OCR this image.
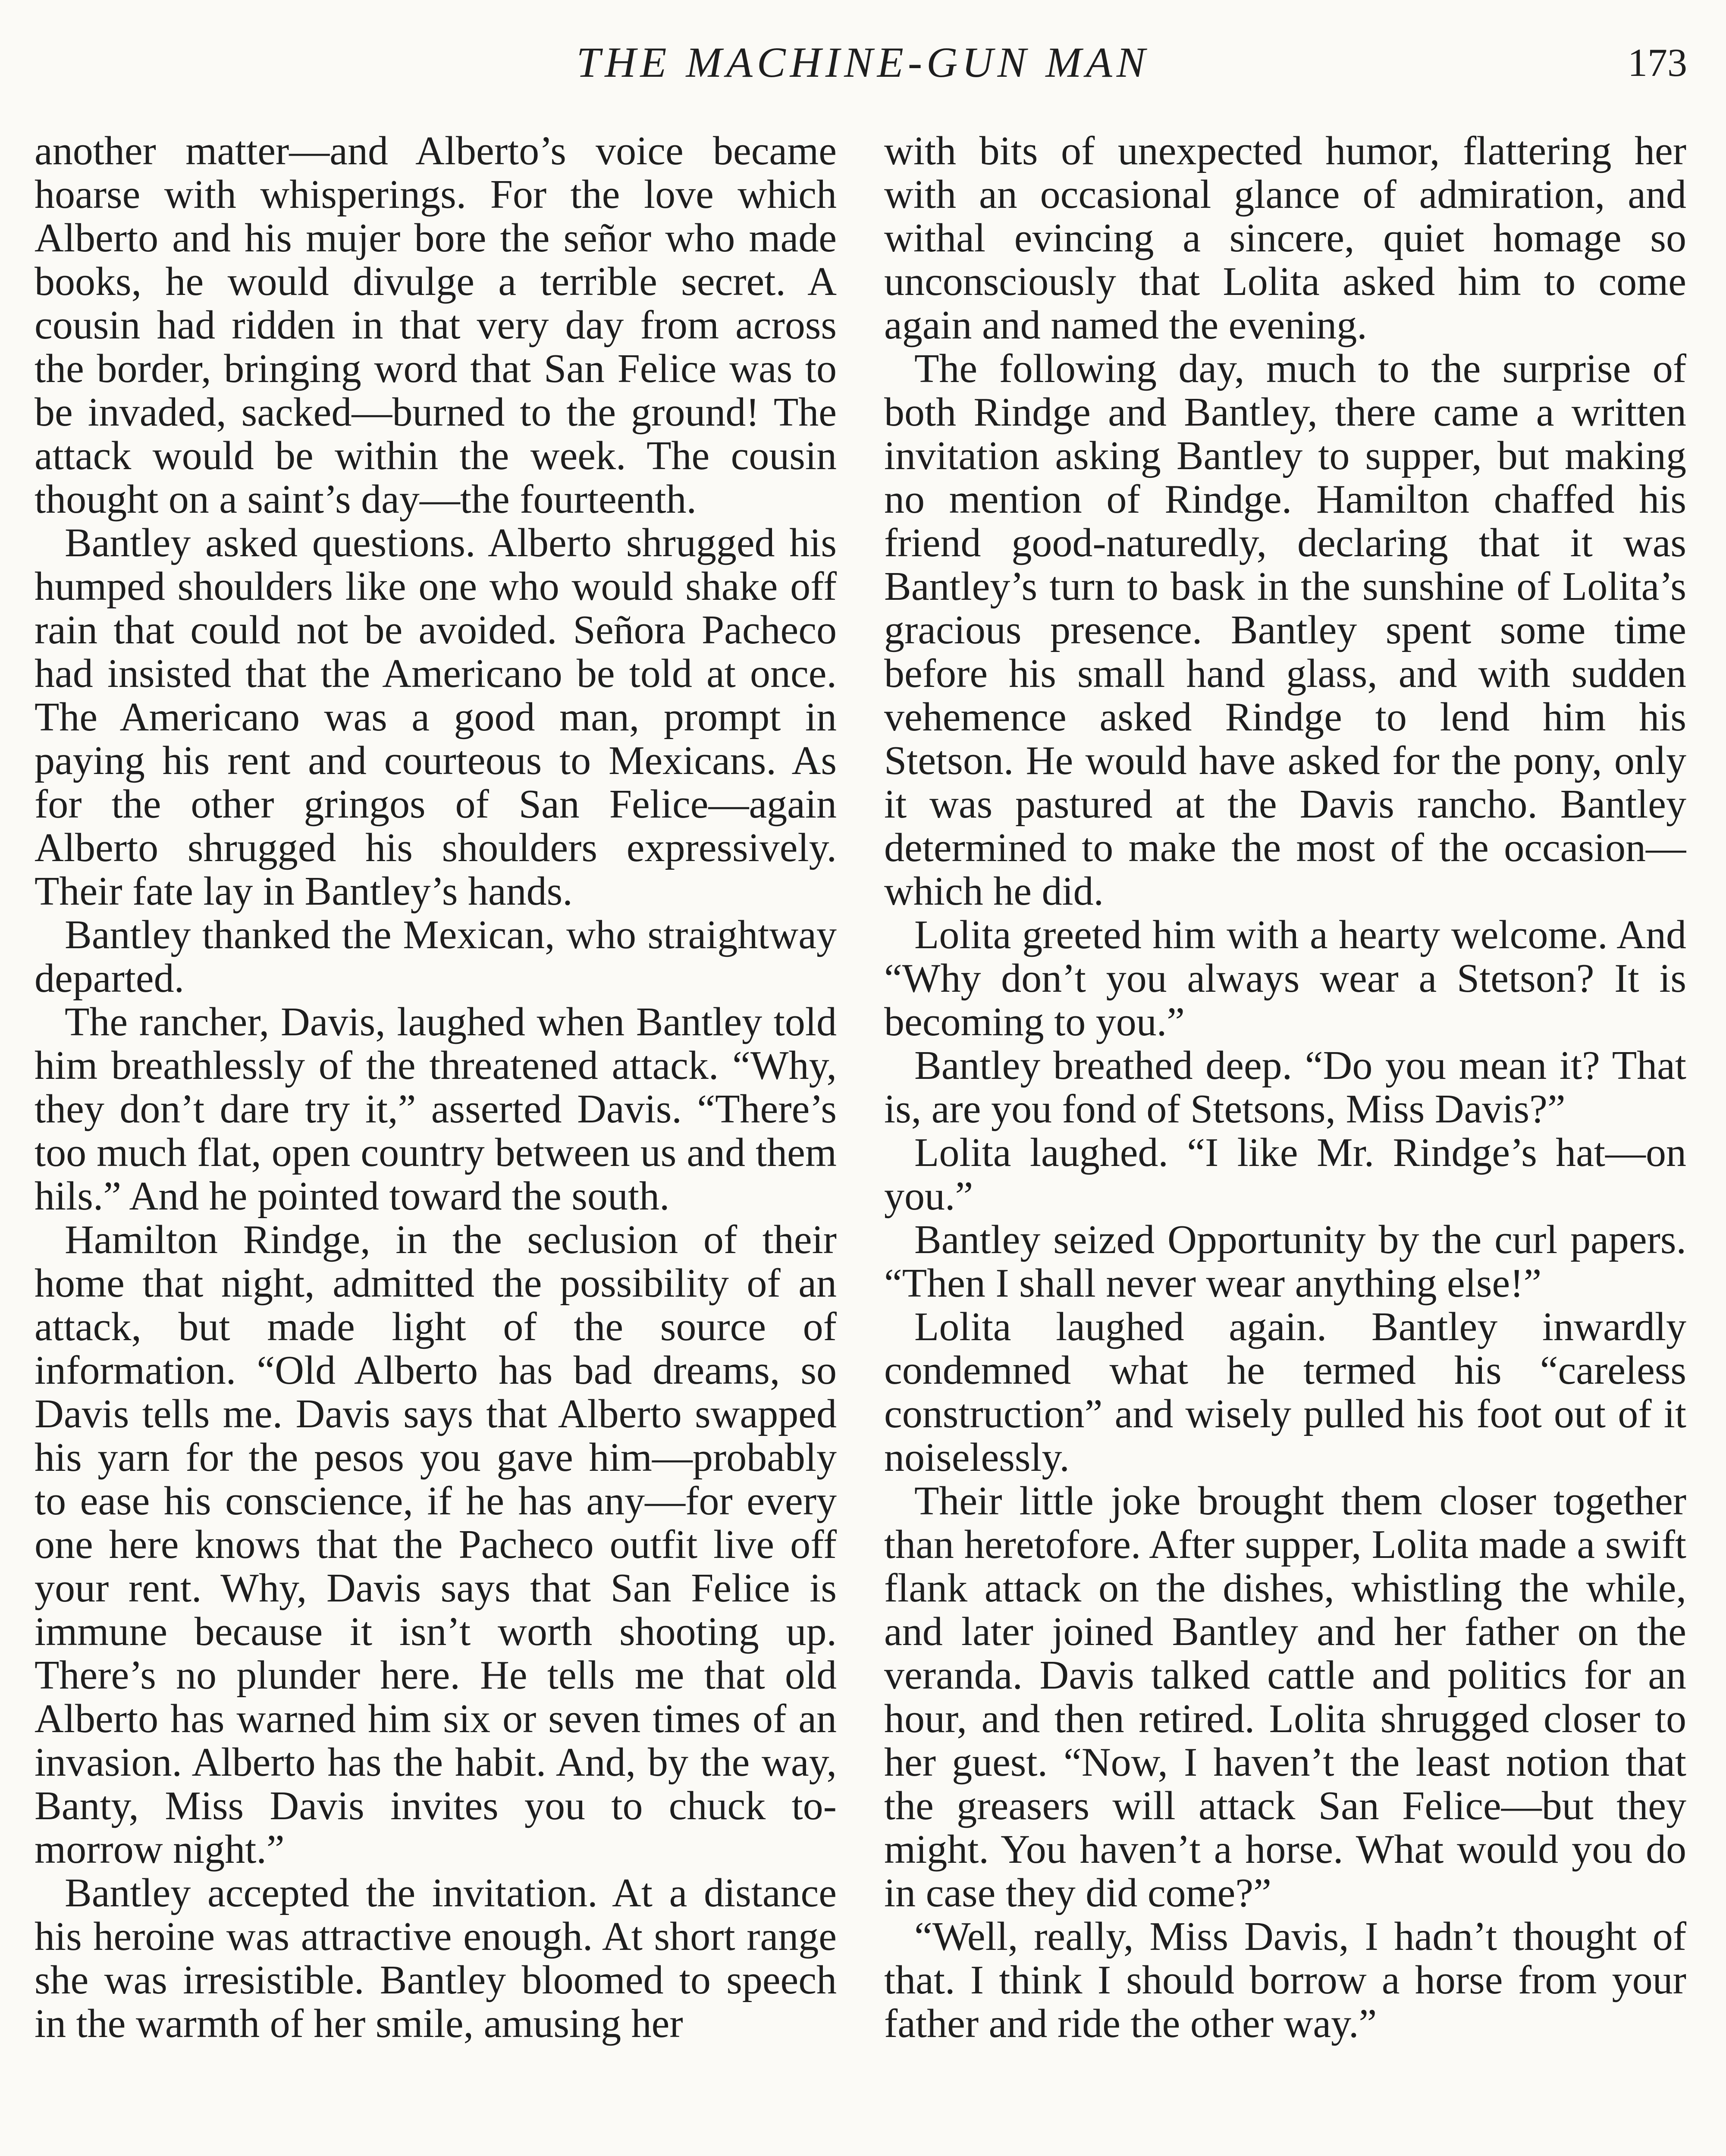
THE MACHINE-GUN MAN	173

another matter—and Alberto’s voice became hoarse with whisperings. For the love which Alberto and his mujer bore the señor who made books, he would divulge a terrible secret. A cousin had ridden in that very day from across the border, bringing word that San Felice was to be invaded, sacked—burned to the ground! The attack would be within the week. The cousin thought on a saint’s day—the fourteenth.

Bantley asked questions. Alberto shrugged his humped shoulders like one who would shake off rain that could not be avoided. Señora Pacheco had insisted that the Americano be told at once. The Americano was a good man, prompt in paying his rent and courteous to Mexicans. As for the other gringos of San Felice—again Alberto shrugged his shoulders expressively. Their fate lay in Bantley’s hands.

Bantley thanked the Mexican, who straightway departed.

The rancher, Davis, laughed when Bantley told him breathlessly of the threatened attack. “Why, they don’t dare try it,” asserted Davis. “There’s too much flat, open country between us and them hils.” And he pointed toward the south.

Hamilton Rindge, in the seclusion of their home that night, admitted the possibility of an attack, but made light of the source of information. “Old Alberto has bad dreams, so Davis tells me. Davis says that Alberto swapped his yarn for the pesos you gave him—probably to ease his conscience, if he has any—for every one here knows that the Pacheco outfit live off your rent. Why, Davis says that San Felice is immune because it isn’t worth shooting up. There’s no plunder here. He tells me that old Alberto has warned him six or seven times of an invasion. Alberto has the habit. And, by the way, Banty, Miss Davis invites you to chuck to-morrow night.”

Bantley accepted the invitation. At a distance his heroine was attractive enough. At short range she was irresistible. Bantley bloomed to speech in the warmth of her smile, amusing her

with bits of unexpected humor, flattering her with an occasional glance of admiration, and withal evincing a sincere, quiet homage so unconsciously that Lolita asked him to come again and named the evening.

The following day, much to the surprise of both Rindge and Bantley, there came a written invitation asking Bantley to supper, but making no mention of Rindge. Hamilton chaffed his friend good-naturedly, declaring that it was Bantley’s turn to bask in the sunshine of Lolita’s gracious presence. Bantley spent some time before his small hand glass, and with sudden vehemence asked Rindge to lend him his Stetson. He would have asked for the pony, only it was pastured at the Davis rancho. Bantley determined to make the most of the occasion—which he did.

Lolita greeted him with a hearty welcome. And “Why don’t you always wear a Stetson? It is becoming to you.”

Bantley breathed deep. “Do you mean it? That is, are you fond of Stetsons, Miss Davis?”

Lolita laughed. “I like Mr. Rindge’s hat—on you.”

Bantley seized Opportunity by the curl papers. “Then I shall never wear anything else!”

Lolita laughed again. Bantley inwardly condemned what he termed his “careless construction” and wisely pulled his foot out of it noiselessly.

Their little joke brought them closer together than heretofore. After supper, Lolita made a swift flank attack on the dishes, whistling the while, and later joined Bantley and her father on the veranda. Davis talked cattle and politics for an hour, and then retired. Lolita shrugged closer to her guest. “Now, I haven’t the least notion that the greasers will attack San Felice—but they might. You haven’t a horse. What would you do in case they did come?”

“Well, really, Miss Davis, I hadn’t thought of that. I think I should borrow a horse from your father and ride the other way.”
